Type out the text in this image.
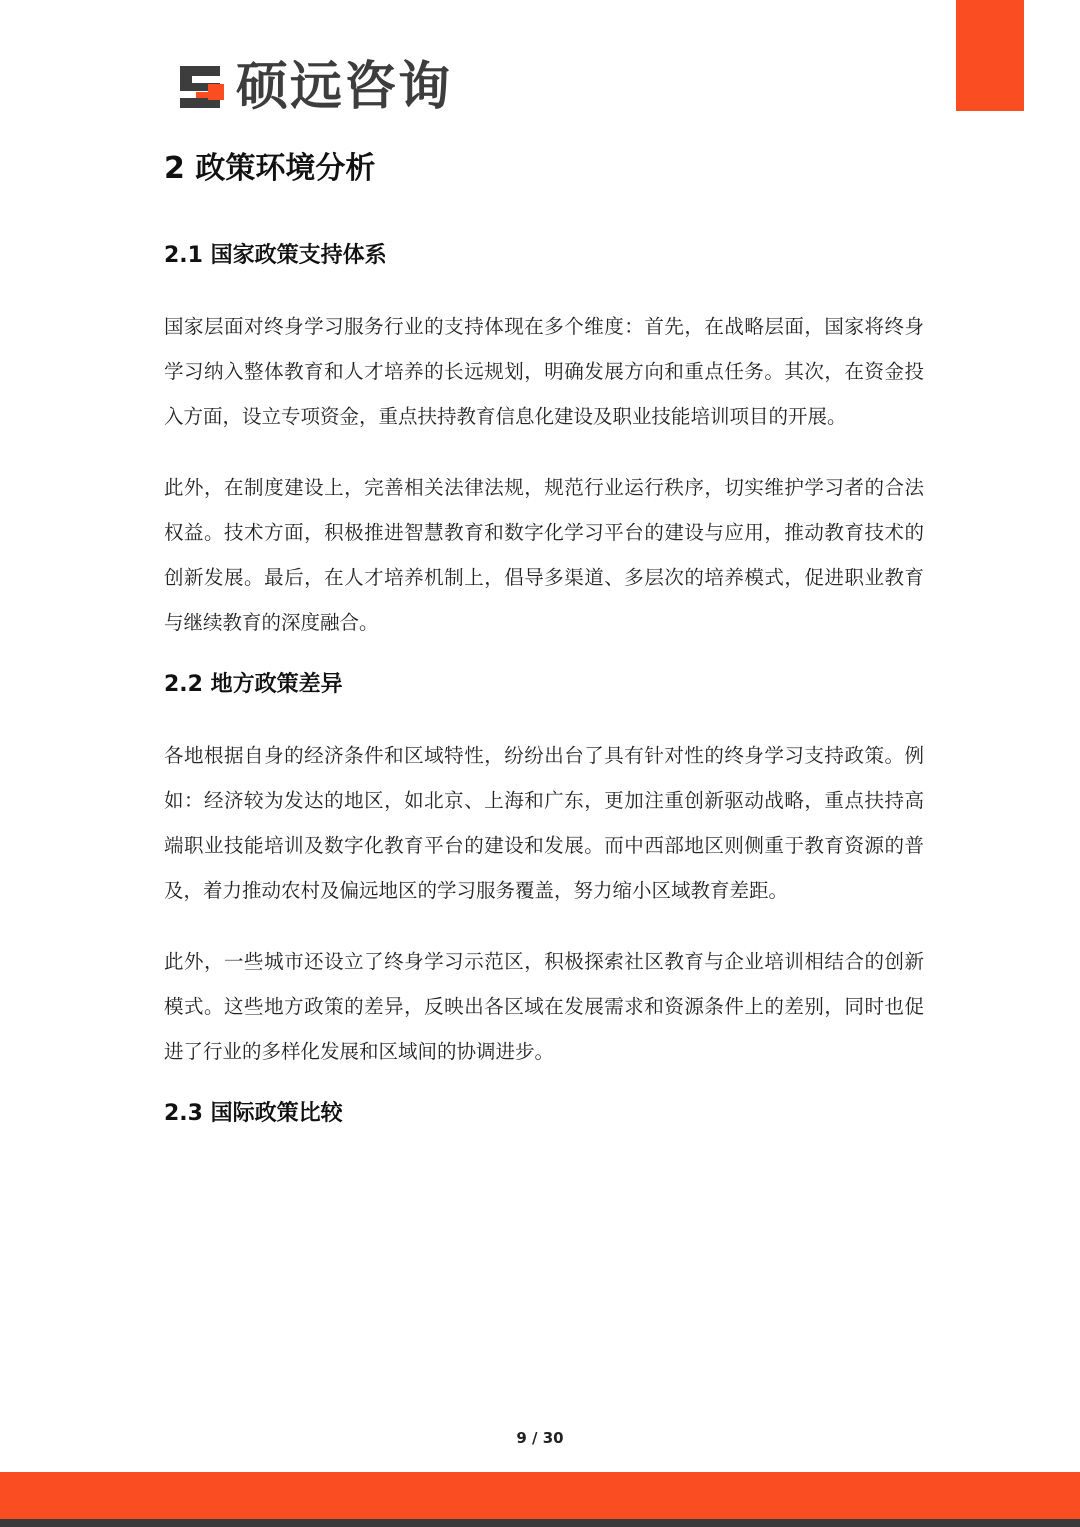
硕远咨询
2 政策环境分析
2.1 国家政策支持体系

国家层面对终身学习服务行业的支持体现在多个维度：首先，在战略层面，国家将终身学习纳入整体教育和人才培养的长远规划，明确发展方向和重点任务。其次，在资金投入方面，设立专项资金，重点扶持教育信息化建设及职业技能培训项目的开展。

此外，在制度建设上，完善相关法律法规，规范行业运行秩序，切实维护学习者的合法权益。技术方面，积极推进智慧教育和数字化学习平台的建设与应用，推动教育技术的创新发展。最后，在人才培养机制上，倡导多渠道、多层次的培养模式，促进职业教育与继续教育的深度融合。

2.2 地方政策差异

各地根据自身的经济条件和区域特性，纷纷出台了具有针对性的终身学习支持政策。例如：经济较为发达的地区，如北京、上海和广东，更加注重创新驱动战略，重点扶持高端职业技能培训及数字化教育平台的建设和发展。而中西部地区则侧重于教育资源的普及，着力推动农村及偏远地区的学习服务覆盖，努力缩小区域教育差距。

此外，一些城市还设立了终身学习示范区，积极探索社区教育与企业培训相结合的创新模式。这些地方政策的差异，反映出各区域在发展需求和资源条件上的差别，同时也促进了行业的多样化发展和区域间的协调进步。

2.3 国际政策比较
9 / 30
